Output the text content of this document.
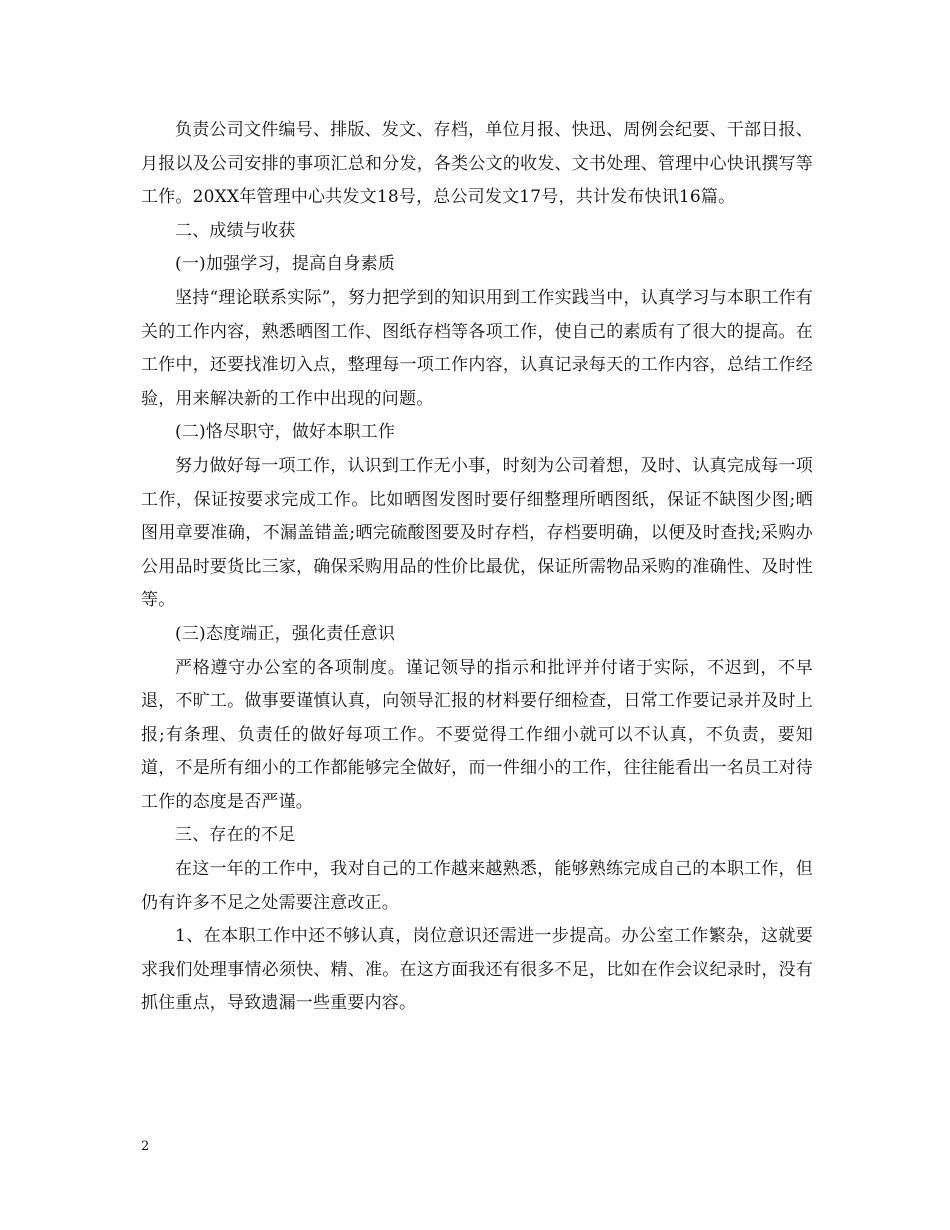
负责公司文件编号、排版、发文、存档，单位月报、快迅、周例会纪要、干部日报、月报以及公司安排的事项汇总和分发，各类公文的收发、文书处理、管理中心快讯撰写等工作。20XX年管理中心共发文18号，总公司发文17号，共计发布快讯16篇。

二、成绩与收获

(一)加强学习，提高自身素质

坚持“理论联系实际”，努力把学到的知识用到工作实践当中，认真学习与本职工作有关的工作内容，熟悉晒图工作、图纸存档等各项工作，使自己的素质有了很大的提高。在工作中，还要找准切入点，整理每一项工作内容，认真记录每天的工作内容，总结工作经验，用来解决新的工作中出现的问题。

(二)恪尽职守，做好本职工作

努力做好每一项工作，认识到工作无小事，时刻为公司着想，及时、认真完成每一项工作，保证按要求完成工作。比如晒图发图时要仔细整理所晒图纸，保证不缺图少图;晒图用章要准确，不漏盖错盖;晒完硫酸图要及时存档，存档要明确，以便及时查找;采购办公用品时要货比三家，确保采购用品的性价比最优，保证所需物品采购的准确性、及时性等。

(三)态度端正，强化责任意识

严格遵守办公室的各项制度。谨记领导的指示和批评并付诸于实际，不迟到，不早退，不旷工。做事要谨慎认真，向领导汇报的材料要仔细检查，日常工作要记录并及时上报;有条理、负责任的做好每项工作。不要觉得工作细小就可以不认真，不负责，要知道，不是所有细小的工作都能够完全做好，而一件细小的工作，往往能看出一名员工对待工作的态度是否严谨。

三、存在的不足

在这一年的工作中，我对自己的工作越来越熟悉，能够熟练完成自己的本职工作，但仍有许多不足之处需要注意改正。

1、在本职工作中还不够认真，岗位意识还需进一步提高。办公室工作繁杂，这就要求我们处理事情必须快、精、准。在这方面我还有很多不足，比如在作会议纪录时，没有抓住重点，导致遗漏一些重要内容。

2
